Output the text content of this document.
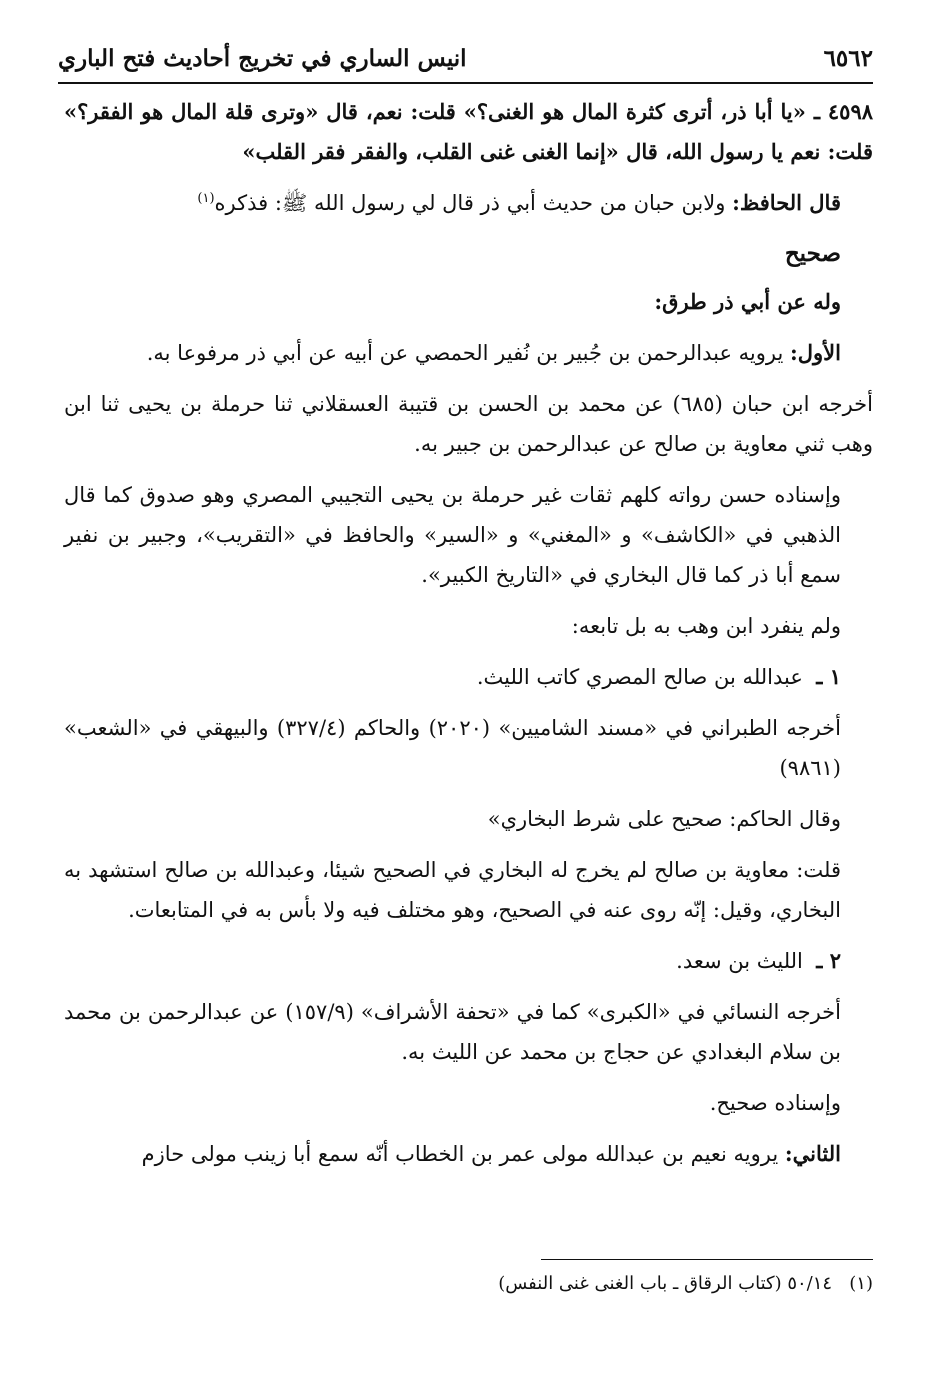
٦٥٦٢
انيس الساري في تخريج أحاديث فتح الباري

٤٥٩٨ ـ «يا أبا ذر، أترى كثرة المال هو الغنى؟» قلت: نعم، قال «وترى قلة المال هو الفقر؟» قلت: نعم يا رسول الله، قال «إنما الغنى غنى القلب، والفقر فقر القلب»

قال الحافظ: ولابن حبان من حديث أبي ذر قال لي رسول الله ﷺ: فذكره$^{(١)}$

صحيح

وله عن أبي ذر طرق:

الأول: يرويه عبدالرحمن بن جُبير بن نُفير الحمصي عن أبيه عن أبي ذر مرفوعا به.

أخرجه ابن حبان (٦٨٥) عن محمد بن الحسن بن قتيبة العسقلاني ثنا حرملة بن يحيى ثنا ابن وهب ثني معاوية بن صالح عن عبدالرحمن بن جبير به.

وإسناده حسن رواته كلهم ثقات غير حرملة بن يحيى التجيبي المصري وهو صدوق كما قال الذهبي في «الكاشف» و «المغني» و «السير» والحافظ في «التقريب»، وجبير بن نفير سمع أبا ذر كما قال البخاري في «التاريخ الكبير».

ولم ينفرد ابن وهب به بل تابعه:

١ ـ  عبدالله بن صالح المصري كاتب الليث.

أخرجه الطبراني في «مسند الشاميين» (٢٠٢٠) والحاكم (٣٢٧/٤) والبيهقي في «الشعب» (٩٨٦١)

وقال الحاكم: صحيح على شرط البخاري»

قلت: معاوية بن صالح لم يخرج له البخاري في الصحيح شيئا، وعبدالله بن صالح استشهد به البخاري، وقيل: إنّه روى عنه في الصحيح، وهو مختلف فيه ولا بأس به في المتابعات.

٢ ـ  الليث بن سعد.

أخرجه النسائي في «الكبرى» كما في «تحفة الأشراف» (١٥٧/٩) عن عبدالرحمن بن محمد بن سلام البغدادي عن حجاج بن محمد عن الليث به.

وإسناده صحيح.

الثاني: يرويه نعيم بن عبدالله مولى عمر بن الخطاب أنّه سمع أبا زينب مولى حازم

(١)   ٥٠/١٤ (كتاب الرقاق ـ باب الغنى غنى النفس)
